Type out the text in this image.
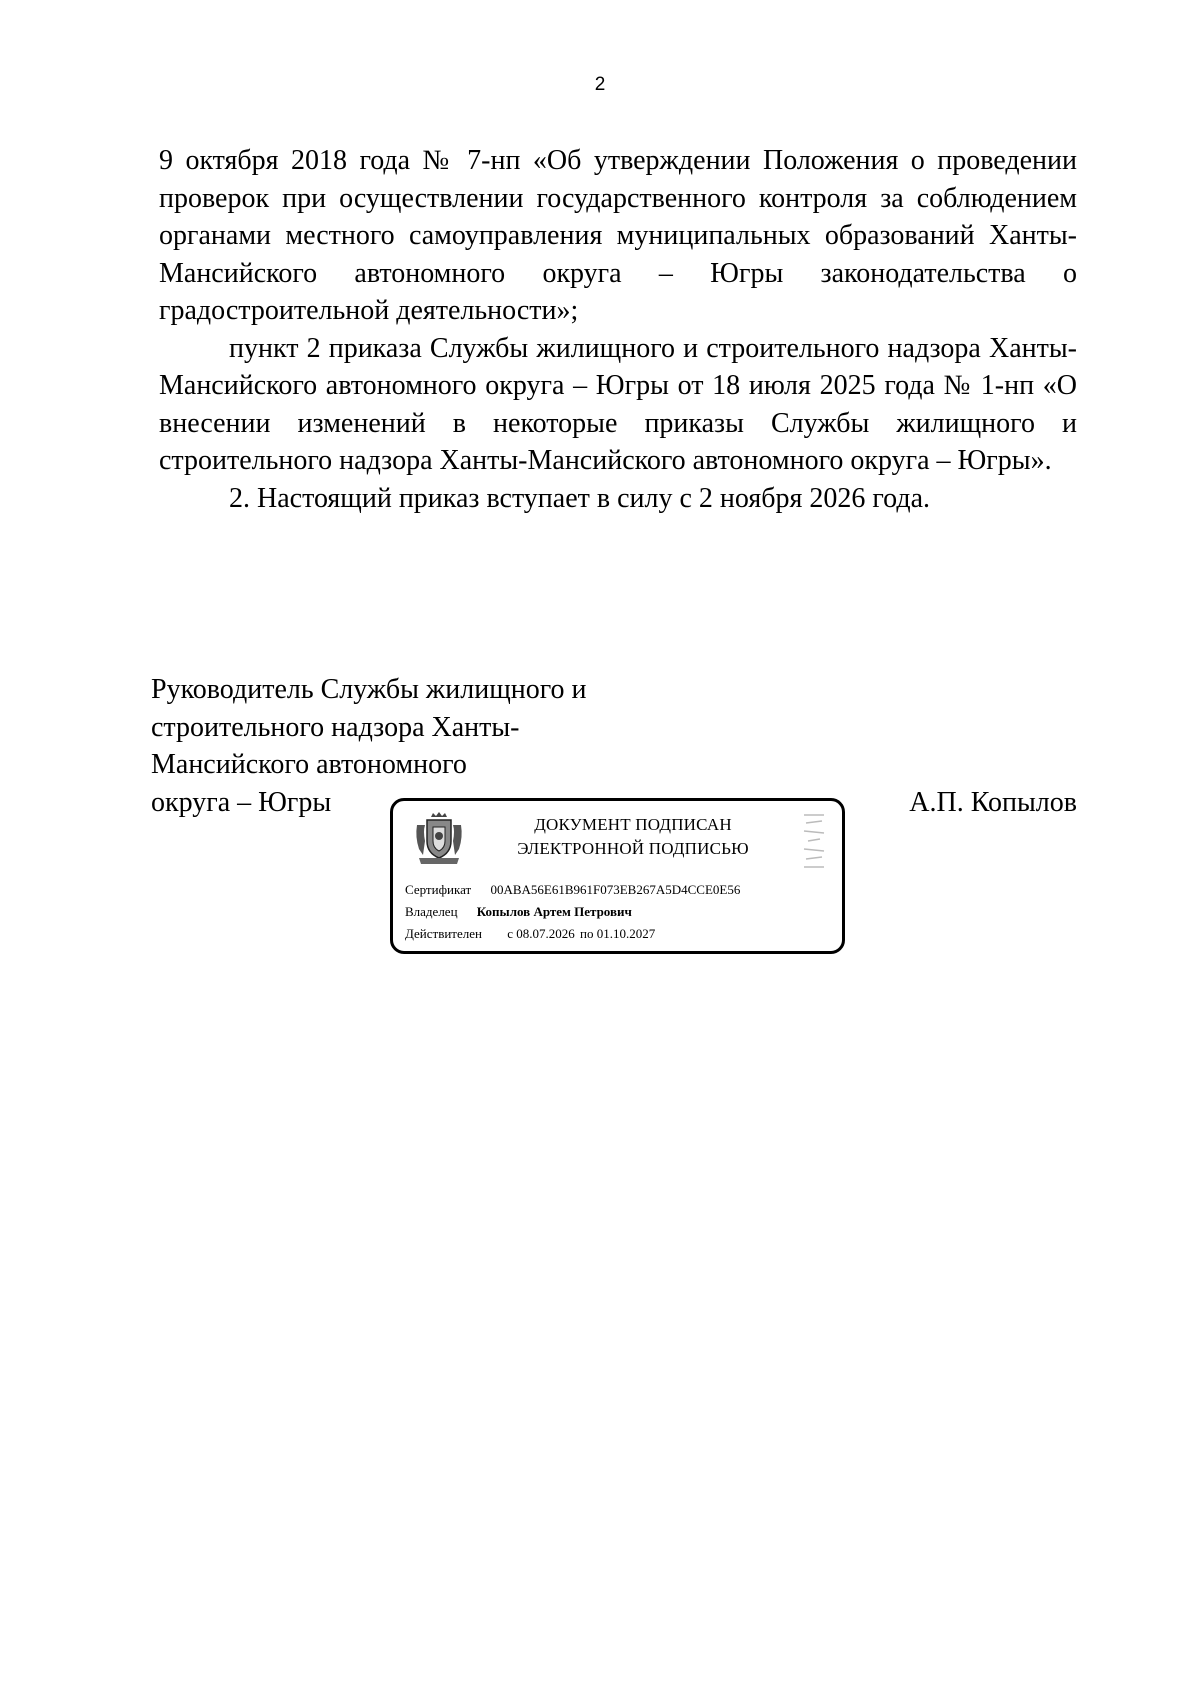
2

9 октября 2018 года № 7-нп «Об утверждении Положения о проведении проверок при осуществлении государственного контроля за соблюдением органами местного самоуправления муниципальных образований Ханты-Мансийского автономного округа – Югры законодательства о градостроительной деятельности»;

пункт 2 приказа Службы жилищного и строительного надзора Ханты-Мансийского автономного округа – Югры от 18 июля 2025 года № 1-нп «О внесении изменений в некоторые приказы Службы жилищного и строительного надзора Ханты-Мансийского автономного округа – Югры».

2. Настоящий приказ вступает в силу с 2 ноября 2026 года.

Руководитель Службы жилищного и
строительного надзора Ханты-
Мансийского автономного
округа – Югры	А.П. Копылов
ДОКУМЕНТ ПОДПИСАН
ЭЛЕКТРОННОЙ ПОДПИСЬЮ
Сертификат 00ABA56E61B961F073EB267A5D4CCE0E56
Владелец Копылов Артем Петрович
Действителен с 08.07.2026 по 01.10.2027
